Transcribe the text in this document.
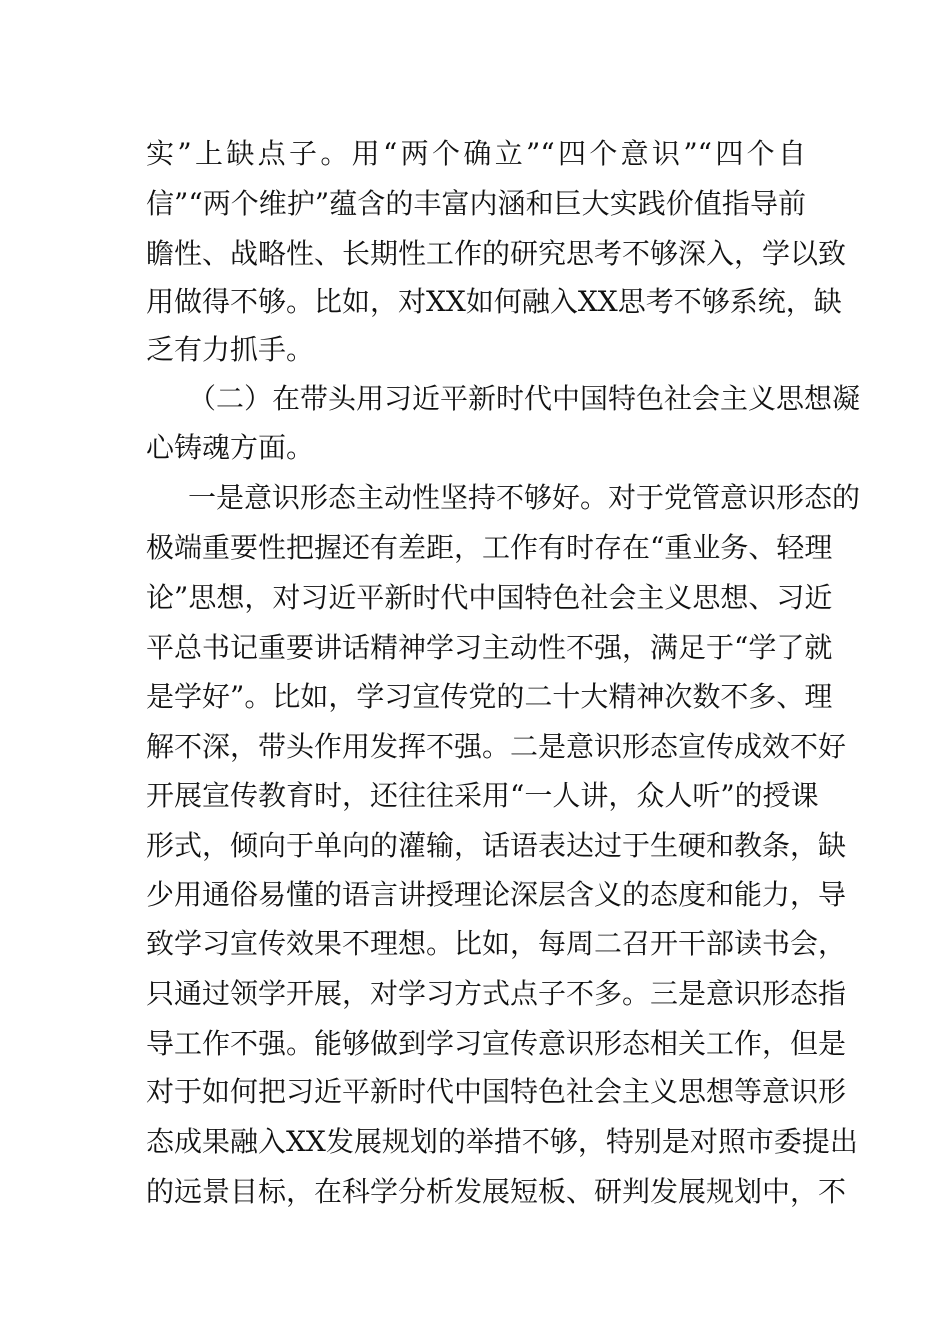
实”上缺点子。用“两个确立”“四个意识”“四个自
信”“两个维护”蕴含的丰富内涵和巨大实践价值指导前
瞻性、战略性、长期性工作的研究思考不够深入，学以致
用做得不够。比如，对XX如何融入XX思考不够系统，缺
乏有力抓手。
（二）在带头用习近平新时代中国特色社会主义思想凝
心铸魂方面。
一是意识形态主动性坚持不够好。对于党管意识形态的
极端重要性把握还有差距，工作有时存在“重业务、轻理
论”思想，对习近平新时代中国特色社会主义思想、习近
平总书记重要讲话精神学习主动性不强，满足于“学了就
是学好”。比如，学习宣传党的二十大精神次数不多、理
解不深，带头作用发挥不强。二是意识形态宣传成效不好
开展宣传教育时，还往往采用“一人讲，众人听”的授课
形式，倾向于单向的灌输，话语表达过于生硬和教条，缺
少用通俗易懂的语言讲授理论深层含义的态度和能力，导
致学习宣传效果不理想。比如，每周二召开干部读书会，
只通过领学开展，对学习方式点子不多。三是意识形态指
导工作不强。能够做到学习宣传意识形态相关工作，但是
对于如何把习近平新时代中国特色社会主义思想等意识形
态成果融入XX发展规划的举措不够，特别是对照市委提出
的远景目标，在科学分析发展短板、研判发展规划中，不
